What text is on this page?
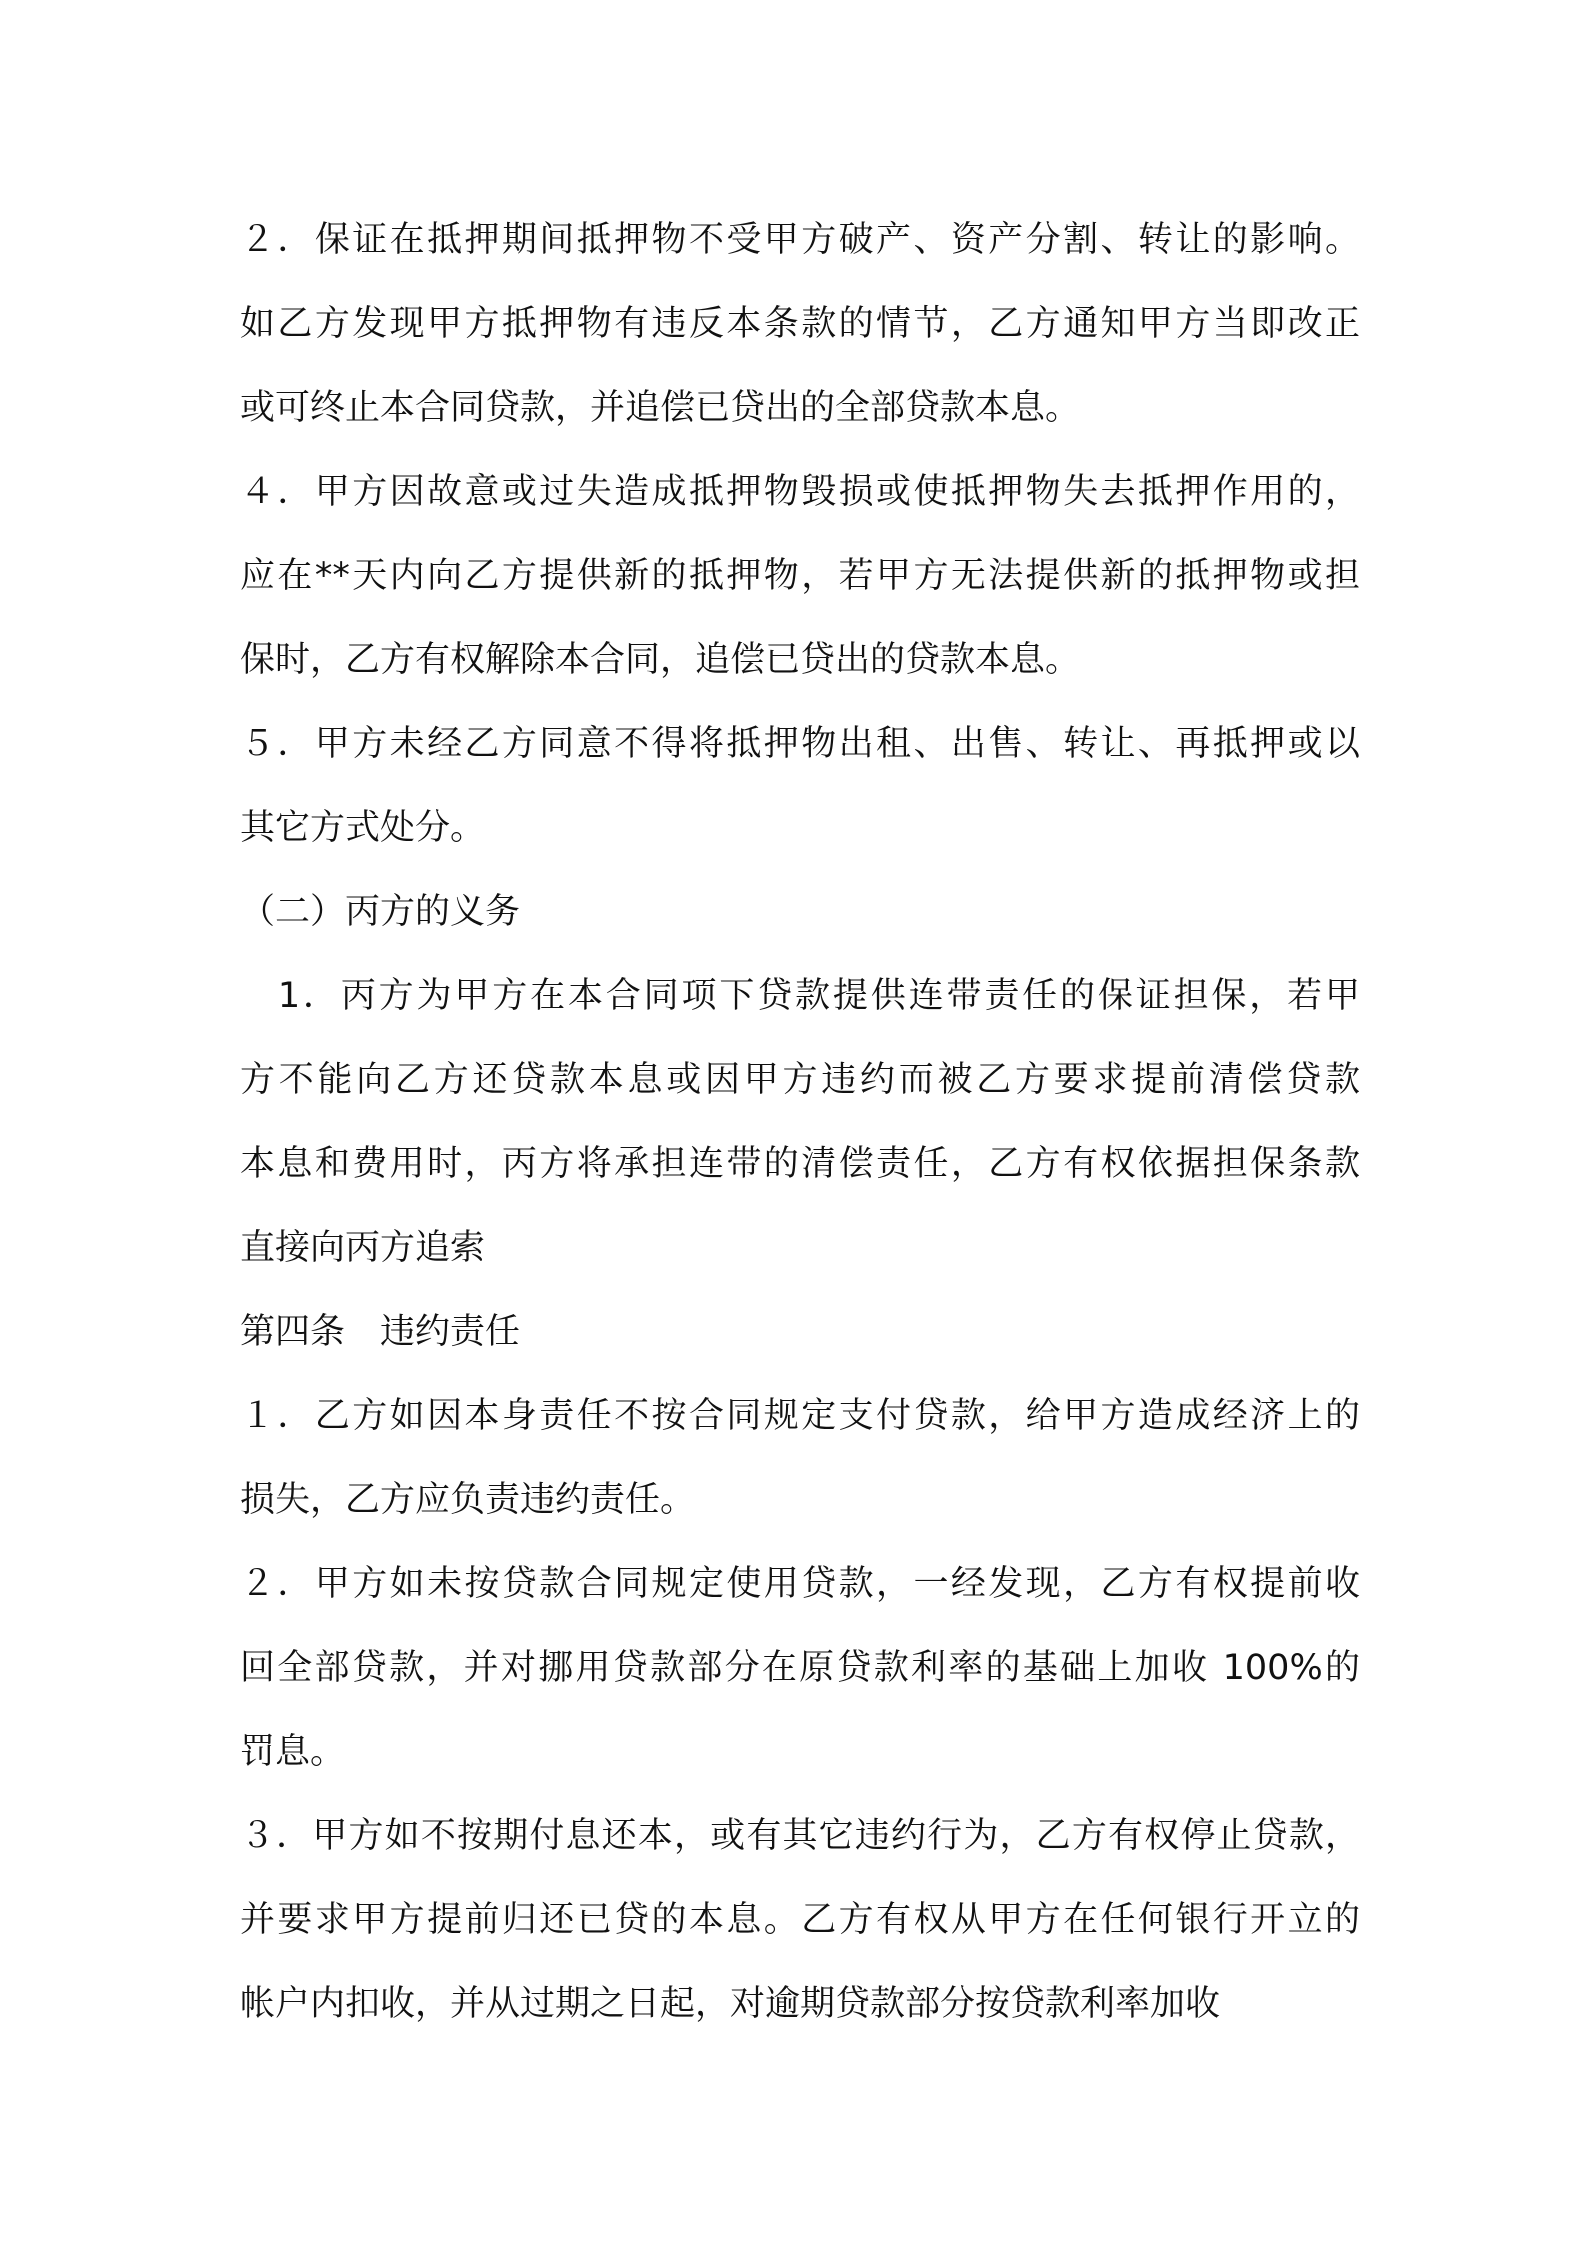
２．保证在抵押期间抵押物不受甲方破产、资产分割、转让的影响。
如乙方发现甲方抵押物有违反本条款的情节，乙方通知甲方当即改正
或可终止本合同贷款，并追偿已贷出的全部贷款本息。
４．甲方因故意或过失造成抵押物毁损或使抵押物失去抵押作用的，
应在**天内向乙方提供新的抵押物，若甲方无法提供新的抵押物或担
保时，乙方有权解除本合同，追偿已贷出的贷款本息。
５．甲方未经乙方同意不得将抵押物出租、出售、转让、再抵押或以
其它方式处分。
（二）丙方的义务
　1．丙方为甲方在本合同项下贷款提供连带责任的保证担保，若甲
方不能向乙方还贷款本息或因甲方违约而被乙方要求提前清偿贷款
本息和费用时，丙方将承担连带的清偿责任，乙方有权依据担保条款
直接向丙方追索
第四条　违约责任
１．乙方如因本身责任不按合同规定支付贷款，给甲方造成经济上的
损失，乙方应负责违约责任。
２．甲方如未按贷款合同规定使用贷款，一经发现，乙方有权提前收
回全部贷款，并对挪用贷款部分在原贷款利率的基础上加收 100%的
罚息。
３．甲方如不按期付息还本，或有其它违约行为，乙方有权停止贷款，
并要求甲方提前归还已贷的本息。乙方有权从甲方在任何银行开立的
帐户内扣收，并从过期之日起，对逾期贷款部分按贷款利率加收
